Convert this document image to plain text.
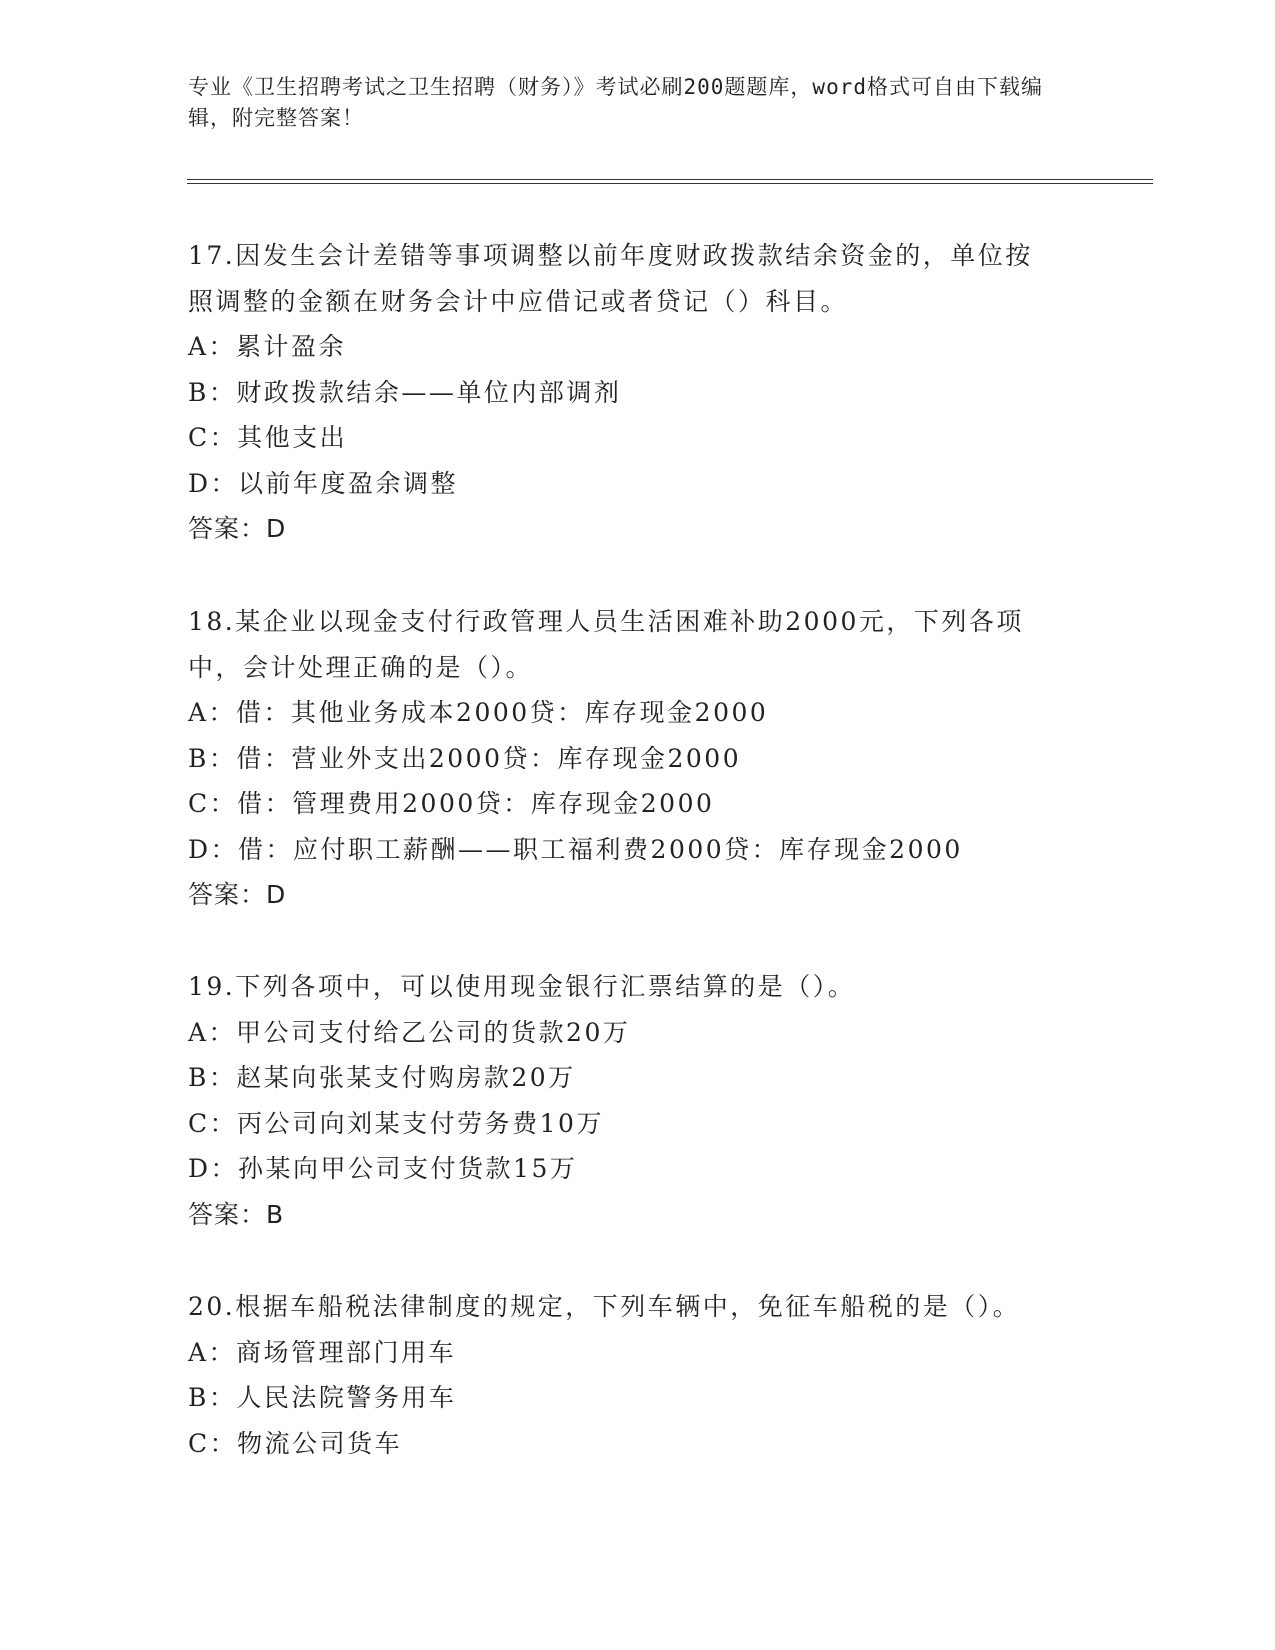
专业《卫生招聘考试之卫生招聘（财务）》考试必刷200题题库，word格式可自由下载编辑，附完整答案！
17.因发生会计差错等事项调整以前年度财政拨款结余资金的，单位按
照调整的金额在财务会计中应借记或者贷记（）科目。
A：累计盈余
B：财政拨款结余——单位内部调剂
C：其他支出
D：以前年度盈余调整
答案：D
18.某企业以现金支付行政管理人员生活困难补助2000元，下列各项
中，会计处理正确的是（）。
A：借：其他业务成本2000贷：库存现金2000
B：借：营业外支出2000贷：库存现金2000
C：借：管理费用2000贷：库存现金2000
D：借：应付职工薪酬——职工福利费2000贷：库存现金2000
答案：D
19.下列各项中，可以使用现金银行汇票结算的是（）。
A：甲公司支付给乙公司的货款20万
B：赵某向张某支付购房款20万
C：丙公司向刘某支付劳务费10万
D：孙某向甲公司支付货款15万
答案：B
20.根据车船税法律制度的规定，下列车辆中，免征车船税的是（）。
A：商场管理部门用车
B：人民法院警务用车
C：物流公司货车
